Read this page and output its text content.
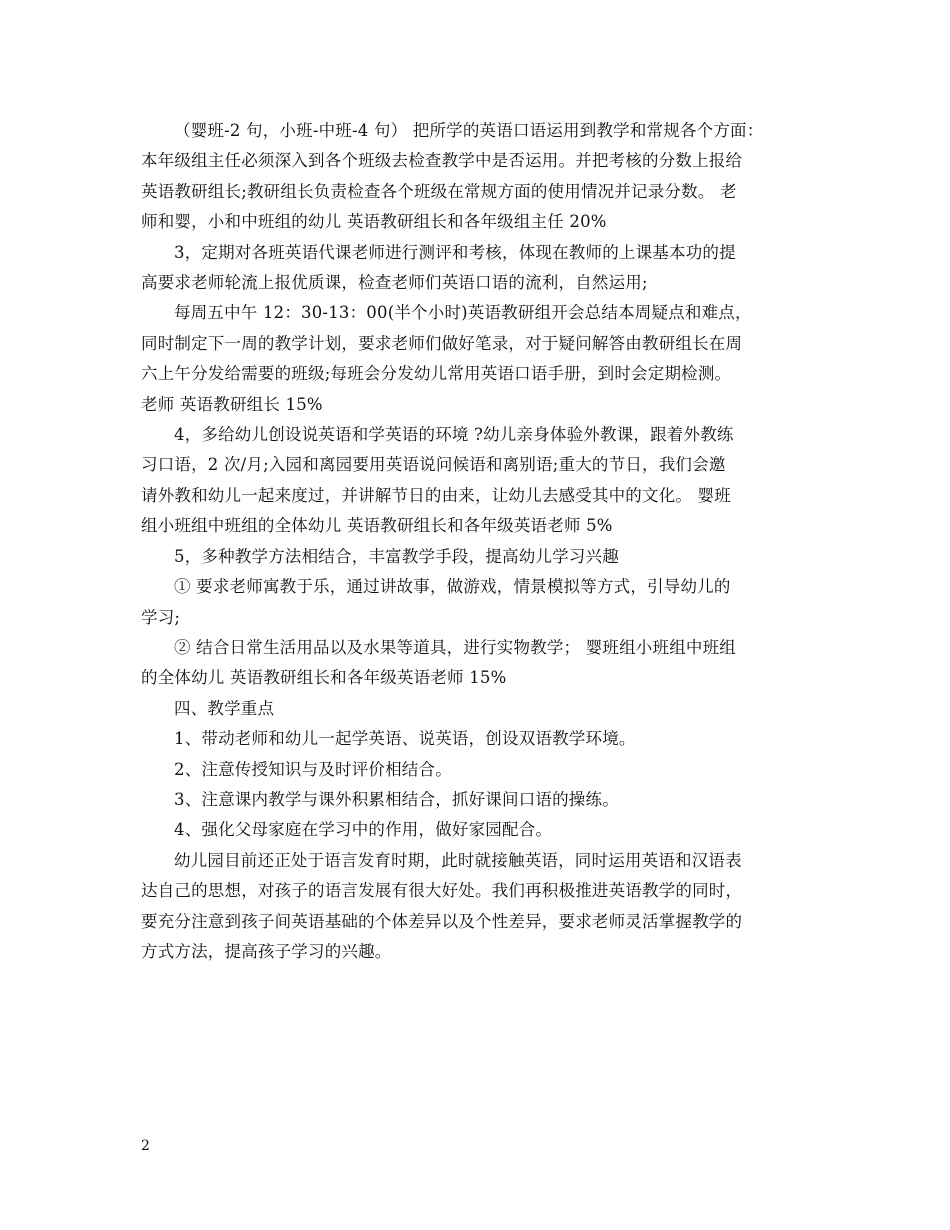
（婴班-2 句，小班-中班-4 句） 把所学的英语口语运用到教学和常规各个方面：
本年级组主任必须深入到各个班级去检查教学中是否运用。并把考核的分数上报给
英语教研组长;教研组长负责检查各个班级在常规方面的使用情况并记录分数。 老
师和婴，小和中班组的幼儿 英语教研组长和各年级组主任 20%

3，定期对各班英语代课老师进行测评和考核，体现在教师的上课基本功的提
高要求老师轮流上报优质课，检查老师们英语口语的流利，自然运用;

每周五中午 12：30-13：00(半个小时)英语教研组开会总结本周疑点和难点，
同时制定下一周的教学计划，要求老师们做好笔录，对于疑问解答由教研组长在周
六上午分发给需要的班级;每班会分发幼儿常用英语口语手册，到时会定期检测。
老师 英语教研组长 15%

4，多给幼儿创设说英语和学英语的环境 ?幼儿亲身体验外教课，跟着外教练
习口语，2 次/月;入园和离园要用英语说问候语和离别语;重大的节日，我们会邀
请外教和幼儿一起来度过，并讲解节日的由来，让幼儿去感受其中的文化。 婴班
组小班组中班组的全体幼儿 英语教研组长和各年级英语老师 5%

5，多种教学方法相结合，丰富教学手段，提高幼儿学习兴趣

① 要求老师寓教于乐，通过讲故事，做游戏，情景模拟等方式，引导幼儿的
学习;

② 结合日常生活用品以及水果等道具，进行实物教学； 婴班组小班组中班组
的全体幼儿 英语教研组长和各年级英语老师 15%

四、教学重点

1、带动老师和幼儿一起学英语、说英语，创设双语教学环境。

2、注意传授知识与及时评价相结合。

3、注意课内教学与课外积累相结合，抓好课间口语的操练。

4、强化父母家庭在学习中的作用，做好家园配合。

幼儿园目前还正处于语言发育时期，此时就接触英语，同时运用英语和汉语表
达自己的思想，对孩子的语言发展有很大好处。我们再积极推进英语教学的同时，
要充分注意到孩子间英语基础的个体差异以及个性差异，要求老师灵活掌握教学的
方式方法，提高孩子学习的兴趣。

2
